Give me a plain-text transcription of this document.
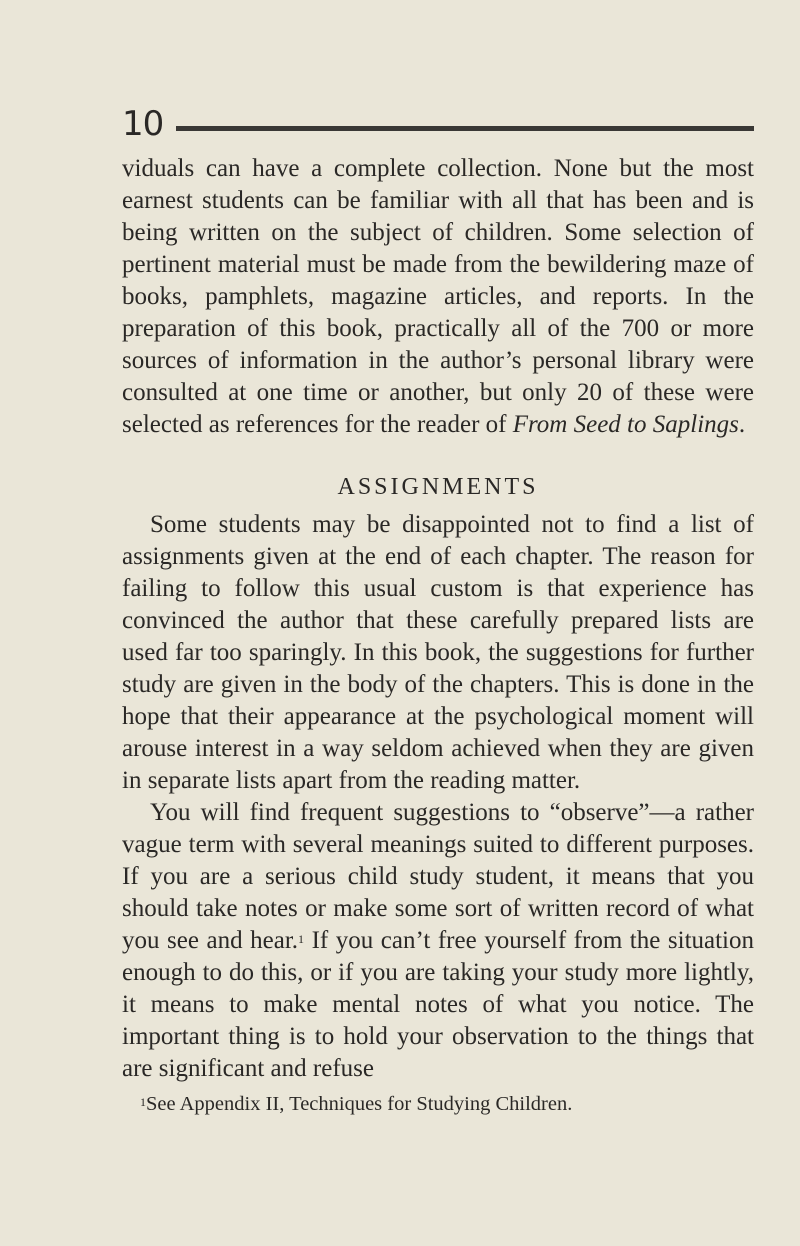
10

viduals can have a complete collection. None but the most earnest students can be familiar with all that has been and is being written on the subject of children. Some selection of pertinent material must be made from the bewildering maze of books, pamphlets, magazine articles, and reports. In the preparation of this book, practically all of the 700 or more sources of information in the author’s personal library were consulted at one time or another, but only 20 of these were selected as references for the reader of From Seed to Saplings.

ASSIGNMENTS

Some students may be disappointed not to find a list of assignments given at the end of each chapter. The reason for failing to follow this usual custom is that experience has convinced the author that these carefully prepared lists are used far too sparingly. In this book, the suggestions for further study are given in the body of the chapters. This is done in the hope that their appearance at the psychological moment will arouse interest in a way seldom achieved when they are given in separate lists apart from the reading matter.

You will find frequent suggestions to “observe”—a rather vague term with several meanings suited to different purposes. If you are a serious child study student, it means that you should take notes or make some sort of written record of what you see and hear.$^1$ If you can’t free yourself from the situation enough to do this, or if you are taking your study more lightly, it means to make mental notes of what you notice. The important thing is to hold your observation to the things that are significant and refuse

$^1$See Appendix II, Techniques for Studying Children.
